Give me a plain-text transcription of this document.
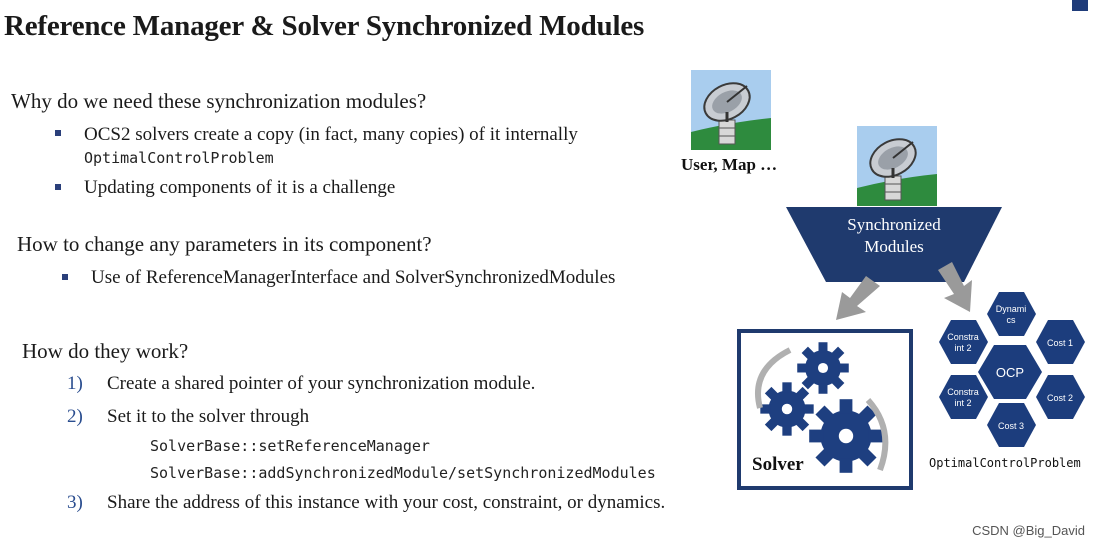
Reference Manager & Solver Synchronized Modules
Why do we need these synchronization modules?
OCS2 solvers create a copy (in fact, many copies) of it internally
OptimalControlProblem
Updating components of it is a challenge
How to change any parameters in its component?
Use of ReferenceManagerInterface and SolverSynchronizedModules
How do they work?
1) Create a shared pointer of your synchronization module.
2) Set it to the solver through
SolverBase::setReferenceManager
SolverBase::addSynchronizedModule/setSynchronizedModules
3) Share the address of this instance with your cost, constraint, or dynamics.
User, Map …
Synchronized
Modules
Solver
OCP
Dynami
cs
Cost 1
Cost 2
Cost 3
Constra
int 2
Constra
int 2
OptimalControlProblem
CSDN @Big_David
